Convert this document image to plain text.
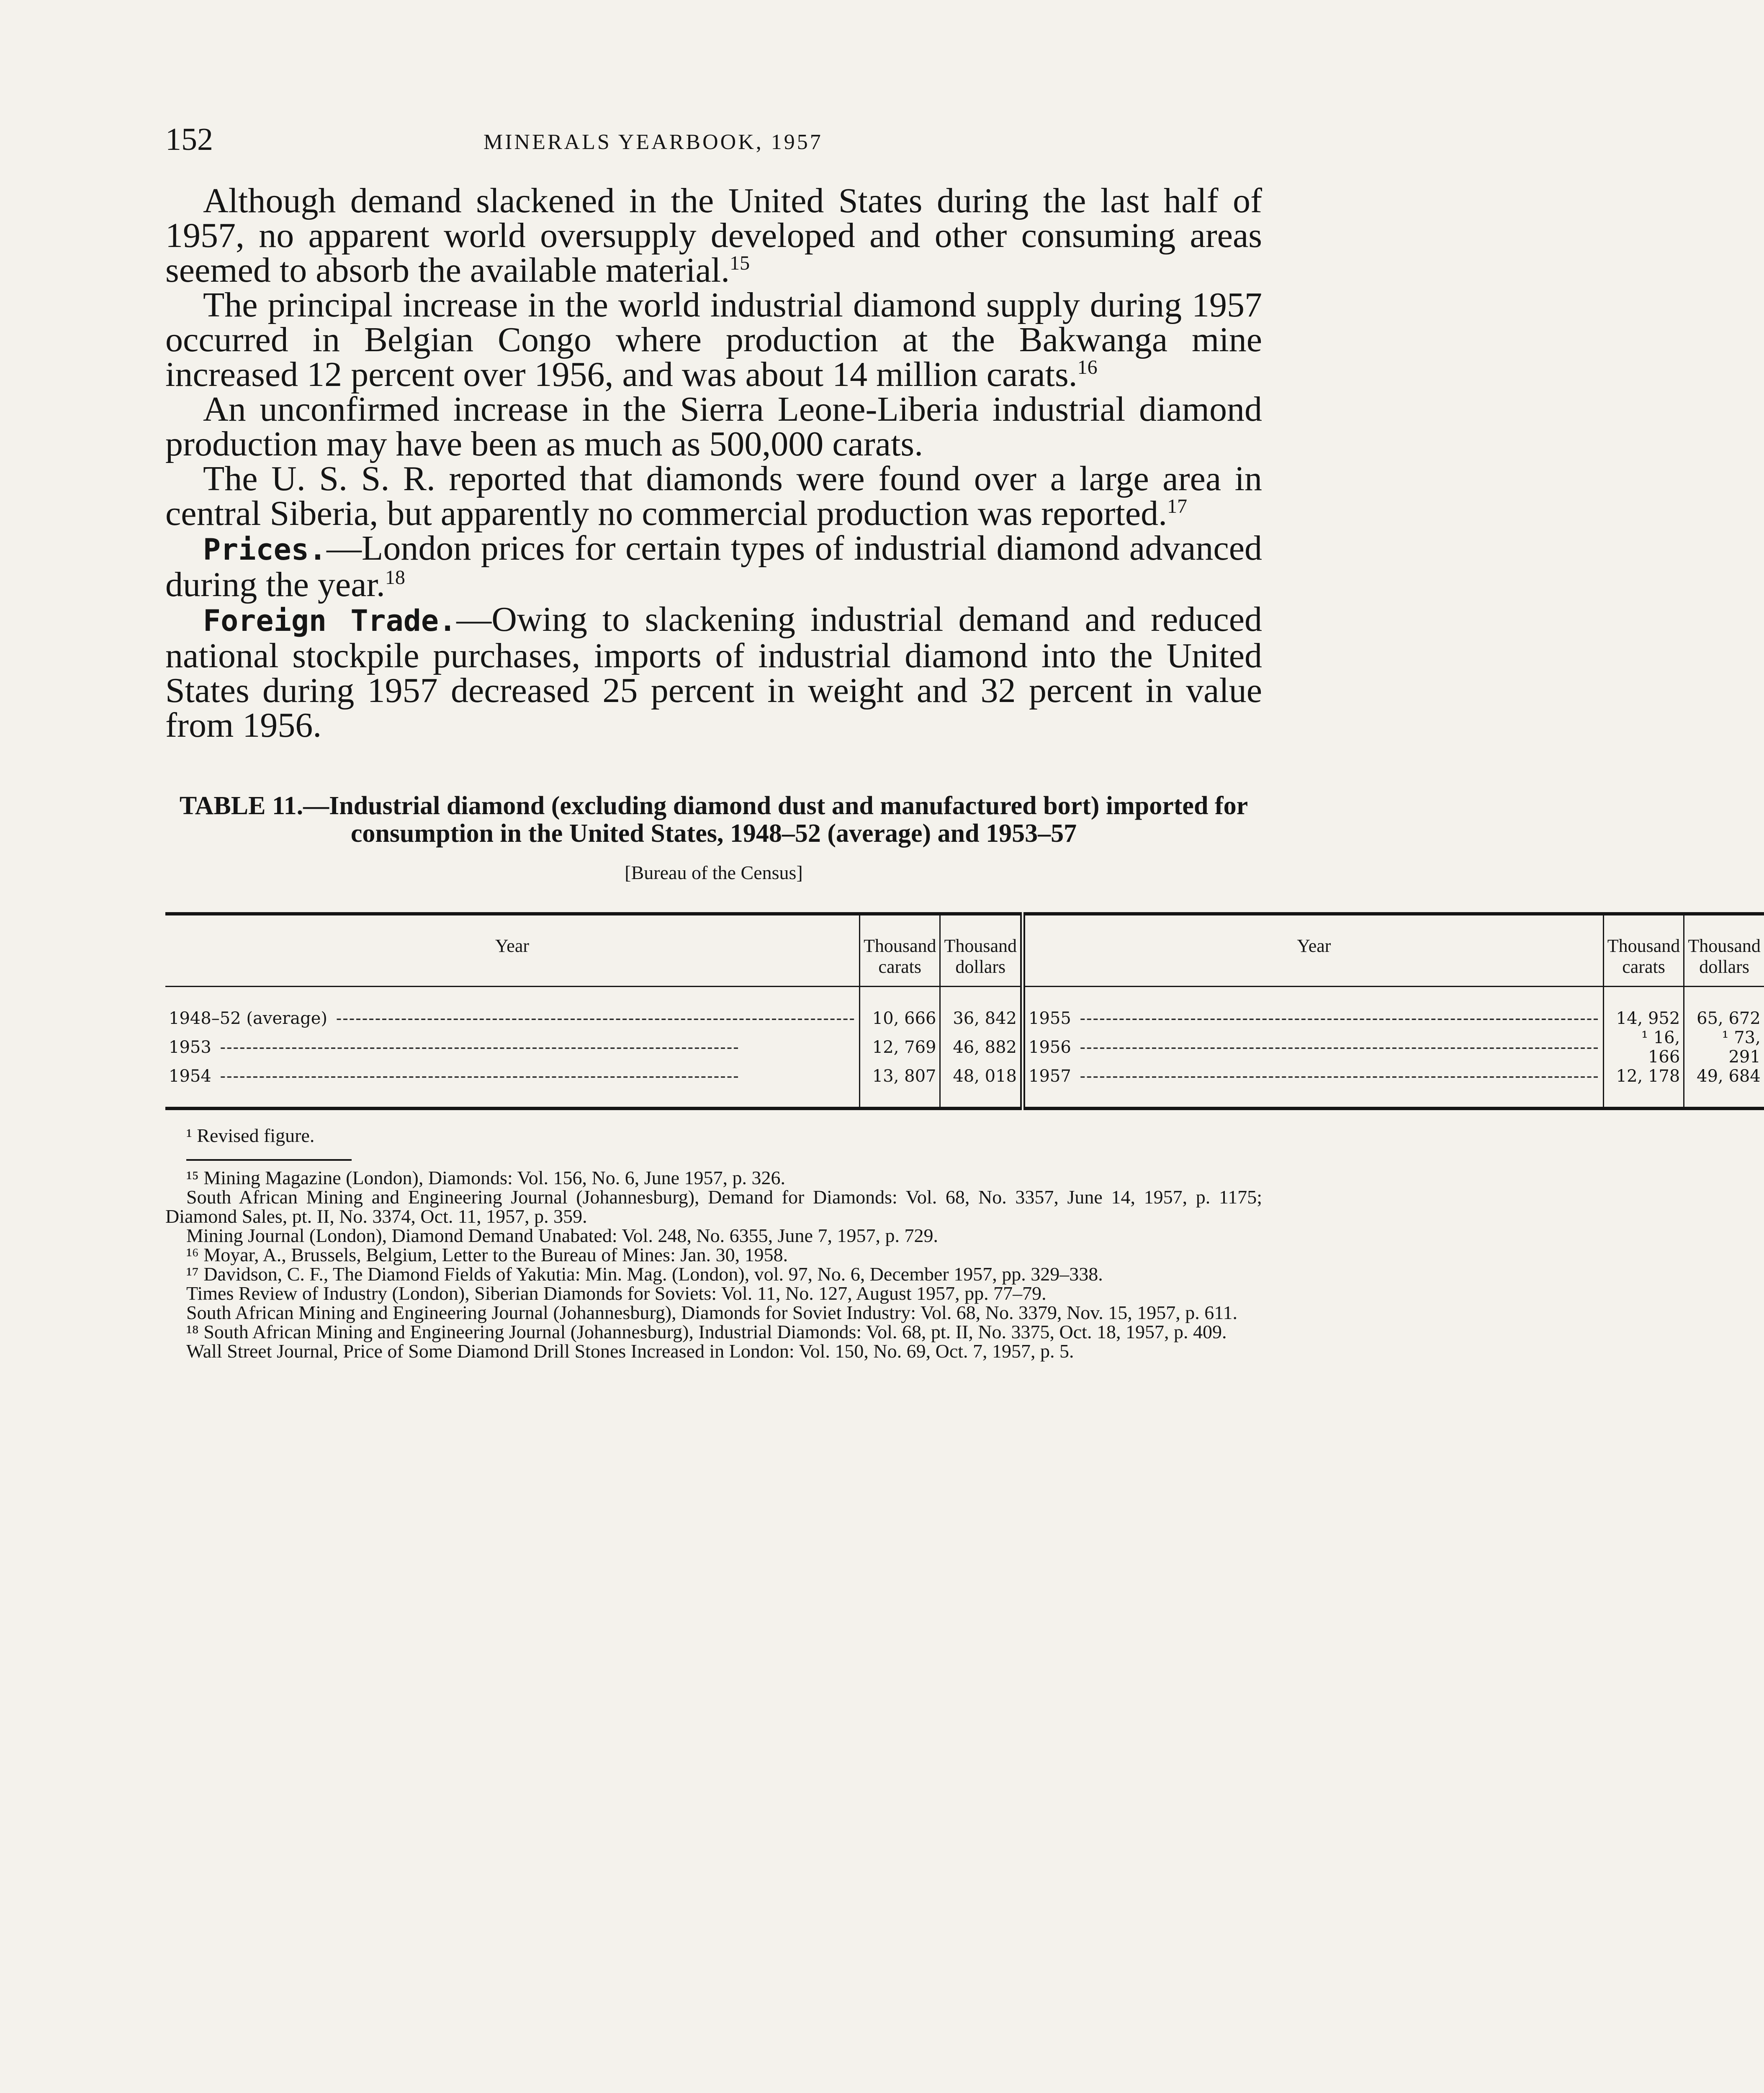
152	MINERALS YEARBOOK, 1957

Although demand slackened in the United States during the last half of 1957, no apparent world oversupply developed and other consuming areas seemed to absorb the available material.$^{15}$

The principal increase in the world industrial diamond supply during 1957 occurred in Belgian Congo where production at the Bakwanga mine increased 12 percent over 1956, and was about 14 million carats.$^{16}$

An unconfirmed increase in the Sierra Leone-Liberia industrial diamond production may have been as much as 500,000 carats.

The U. S. S. R. reported that diamonds were found over a large area in central Siberia, but apparently no commercial production was reported.$^{17}$

Prices.—London prices for certain types of industrial diamond advanced during the year.$^{18}$

Foreign Trade.—Owing to slackening industrial demand and reduced national stockpile purchases, imports of industrial diamond into the United States during 1957 decreased 25 percent in weight and 32 percent in value from 1956.

TABLE 11.—Industrial diamond (excluding diamond dust and manufactured bort) imported for consumption in the United States, 1948–52 (average) and 1953–57
[Bureau of the Census]
Year	Thousand carats	Thousand dollars	Year	Thousand carats	Thousand dollars
1948–52 (average) -----	10, 666	36, 842	1955 -----	14, 952	65, 672
1953 -----	12, 769	46, 882	1956 -----	¹ 16, 166	¹ 73, 291
1954 -----	13, 807	48, 018	1957 -----	12, 178	49, 684
¹ Revised figure.

¹⁵ Mining Magazine (London), Diamonds: Vol. 156, No. 6, June 1957, p. 326.

South African Mining and Engineering Journal (Johannesburg), Demand for Diamonds: Vol. 68, No. 3357, June 14, 1957, p. 1175; Diamond Sales, pt. II, No. 3374, Oct. 11, 1957, p. 359.

Mining Journal (London), Diamond Demand Unabated: Vol. 248, No. 6355, June 7, 1957, p. 729.

¹⁶ Moyar, A., Brussels, Belgium, Letter to the Bureau of Mines: Jan. 30, 1958.

¹⁷ Davidson, C. F., The Diamond Fields of Yakutia: Min. Mag. (London), vol. 97, No. 6, December 1957, pp. 329–338.

Times Review of Industry (London), Siberian Diamonds for Soviets: Vol. 11, No. 127, August 1957, pp. 77–79.

South African Mining and Engineering Journal (Johannesburg), Diamonds for Soviet Industry: Vol. 68, No. 3379, Nov. 15, 1957, p. 611.

¹⁸ South African Mining and Engineering Journal (Johannesburg), Industrial Diamonds: Vol. 68, pt. II, No. 3375, Oct. 18, 1957, p. 409.

Wall Street Journal, Price of Some Diamond Drill Stones Increased in London: Vol. 150, No. 69, Oct. 7, 1957, p. 5.
